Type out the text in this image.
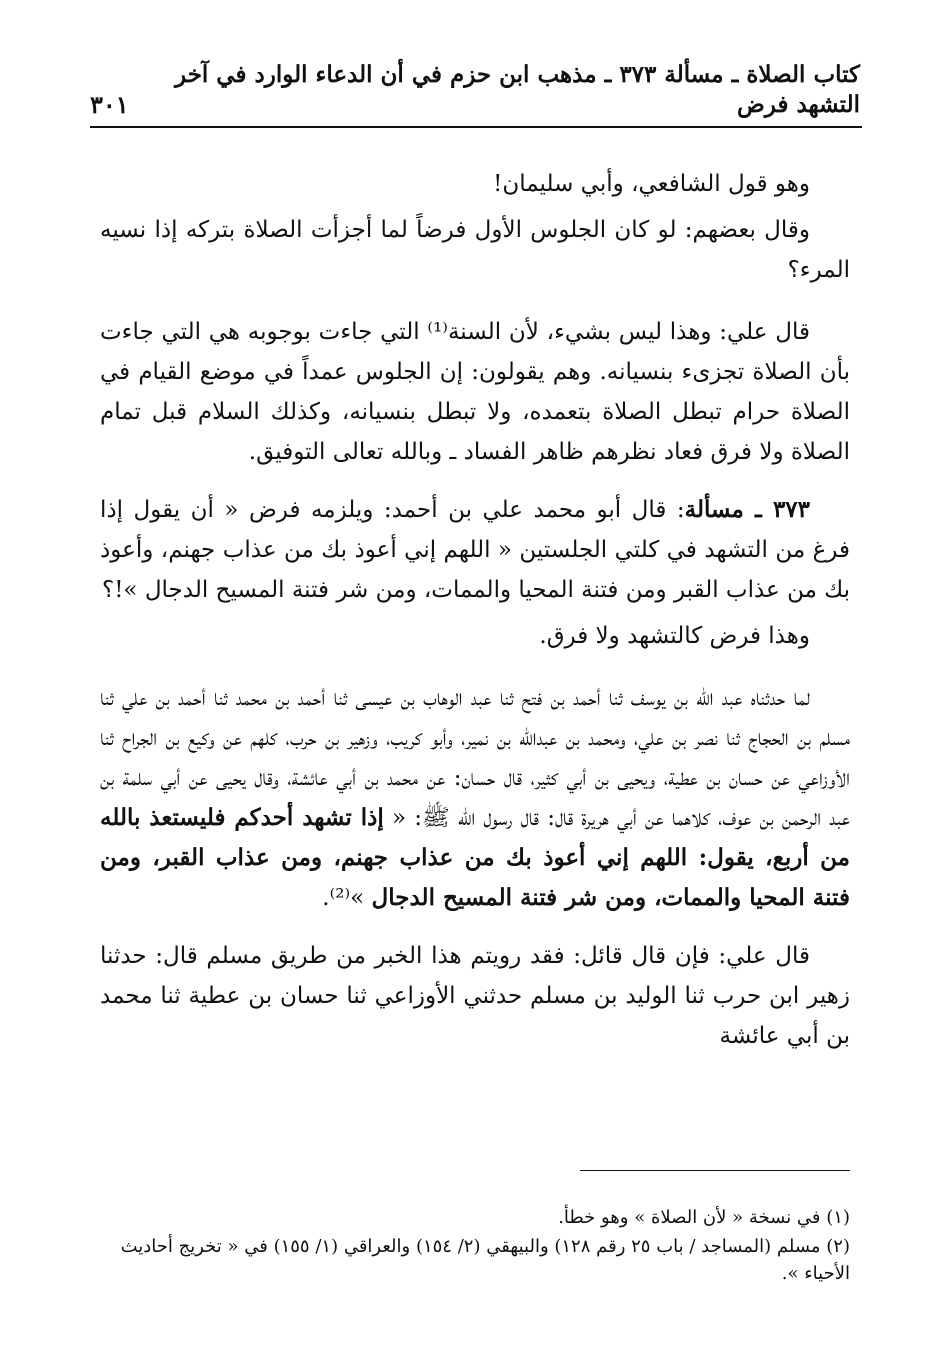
كتاب الصلاة ـ مسألة ٣٧٣ ـ مذهب ابن حزم في أن الدعاء الوارد في آخر التشهد فرض
٣٠١

وهو قول الشافعي، وأبي سليمان!

وقال بعضهم: لو كان الجلوس الأول فرضاً لما أجزأت الصلاة بتركه إذا نسيه المرء؟

قال علي: وهذا ليس بشيء، لأن السنة⁽¹⁾ التي جاءت بوجوبه هي التي جاءت بأن الصلاة تجزىء بنسيانه. وهم يقولون: إن الجلوس عمداً في موضع القيام في الصلاة حرام تبطل الصلاة بتعمده، ولا تبطل بنسيانه، وكذلك السلام قبل تمام الصلاة ولا فرق فعاد نظرهم ظاهر الفساد ـ وبالله تعالى التوفيق.

٣٧٣ ـ مسألة: قال أبو محمد علي بن أحمد: ويلزمه فرض « أن يقول إذا فرغ من التشهد في كلتي الجلستين « اللهم إني أعوذ بك من عذاب جهنم، وأعوذ بك من عذاب القبر ومن فتنة المحيا والممات، ومن شر فتنة المسيح الدجال »!؟

وهذا فرض كالتشهد ولا فرق.

لما حدثناه عبد الله بن يوسف ثنا أحمد بن فتح ثنا عبد الوهاب بن عيسى ثنا أحمد بن محمد ثنا أحمد بن علي ثنا مسلم بن الحجاج ثنا نصر بن علي، ومحمد بن عبدالله بن نمير، وأبو كريب، وزهير بن حرب، كلهم عن وكيع بن الجراح ثنا الأوزاعي عن حسان بن عطية، ويحيى بن أبي كثير، قال حسان: عن محمد بن أبي عائشة، وقال يحيى عن أبي سلمة بن عبد الرحمن بن عوف، كلاهما عن أبي هريرة قال: قال رسول الله ﷺ: « إذا تشهد أحدكم فليستعذ بالله من أربع، يقول: اللهم إني أعوذ بك من عذاب جهنم، ومن عذاب القبر، ومن فتنة المحيا والممات، ومن شر فتنة المسيح الدجال »⁽²⁾.

قال علي: فإن قال قائل: فقد رويتم هذا الخبر من طريق مسلم قال: حدثنا زهير ابن حرب ثنا الوليد بن مسلم حدثني الأوزاعي ثنا حسان بن عطية ثنا محمد بن أبي عائشة

(١) في نسخة « لأن الصلاة » وهو خطأ.

(٢) مسلم (المساجد / باب ٢٥ رقم ١٢٨) والبيهقي (٢/ ١٥٤) والعراقي (١/ ١٥٥) في « تخريج أحاديث الأحياء ».
